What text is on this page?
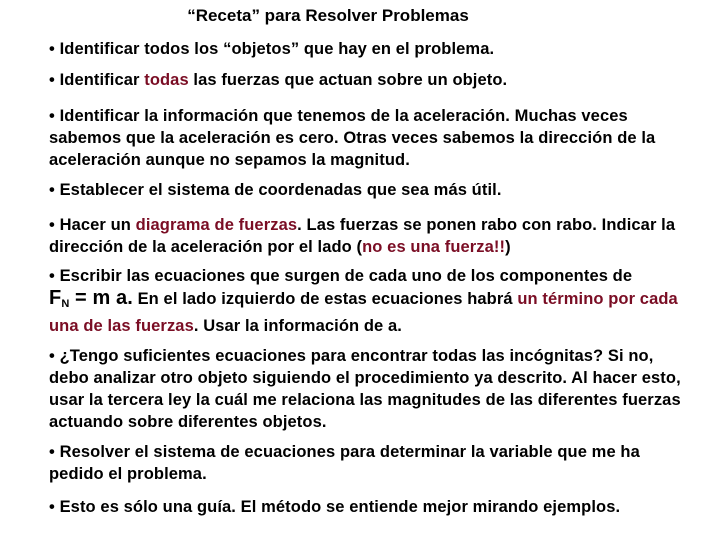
“Receta” para Resolver Problemas
• Identificar todos los “objetos” que hay en el problema.
• Identificar todas las fuerzas que actuan sobre un objeto.
• Identificar la información que tenemos de la aceleración. Muchas veces sabemos que la aceleración es cero. Otras veces sabemos la dirección de la aceleración aunque no sepamos la magnitud.
• Establecer el sistema de coordenadas que sea más útil.
• Hacer un diagrama de fuerzas. Las fuerzas se ponen rabo con rabo. Indicar la dirección de la aceleración por el lado (no es una fuerza!!)
• Escribir las ecuaciones que surgen de cada uno de los componentes de
$F_N = m$ a. En el lado izquierdo de estas ecuaciones habrá un término por cada una de las fuerzas. Usar la información de a.
• ¿Tengo suficientes ecuaciones para encontrar todas las incógnitas? Si no, debo analizar otro objeto siguiendo el procedimiento ya descrito. Al hacer esto, usar la tercera ley la cuál me relaciona las magnitudes de las diferentes fuerzas actuando sobre diferentes objetos.
• Resolver el sistema de ecuaciones para determinar la variable que me ha pedido el problema.
• Esto es sólo una guía. El método se entiende mejor mirando ejemplos.
